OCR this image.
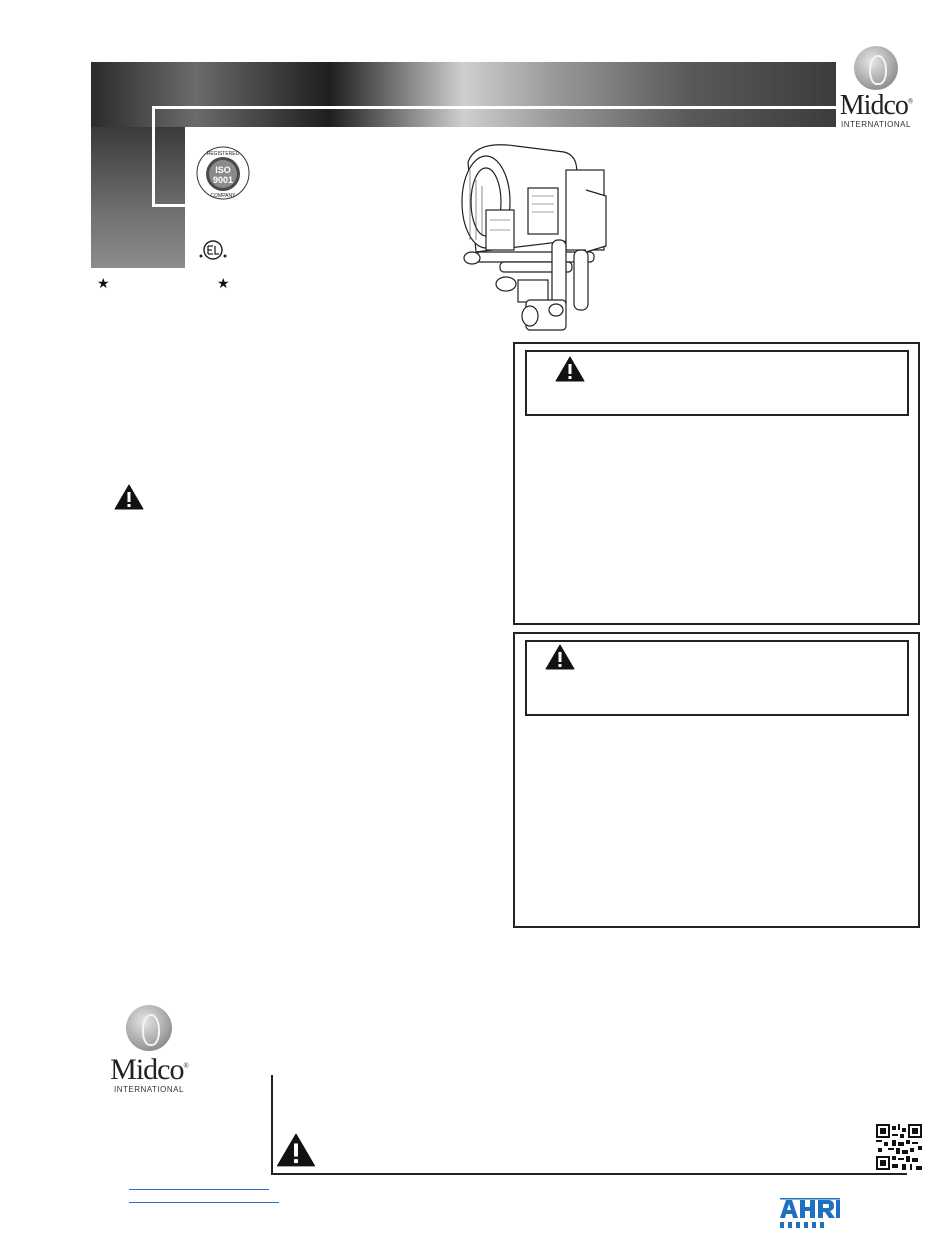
Midco®
INTERNATIONAL
REGISTERED
ISO
9001
COMPANY
★	★
Midco®
INTERNATIONAL
